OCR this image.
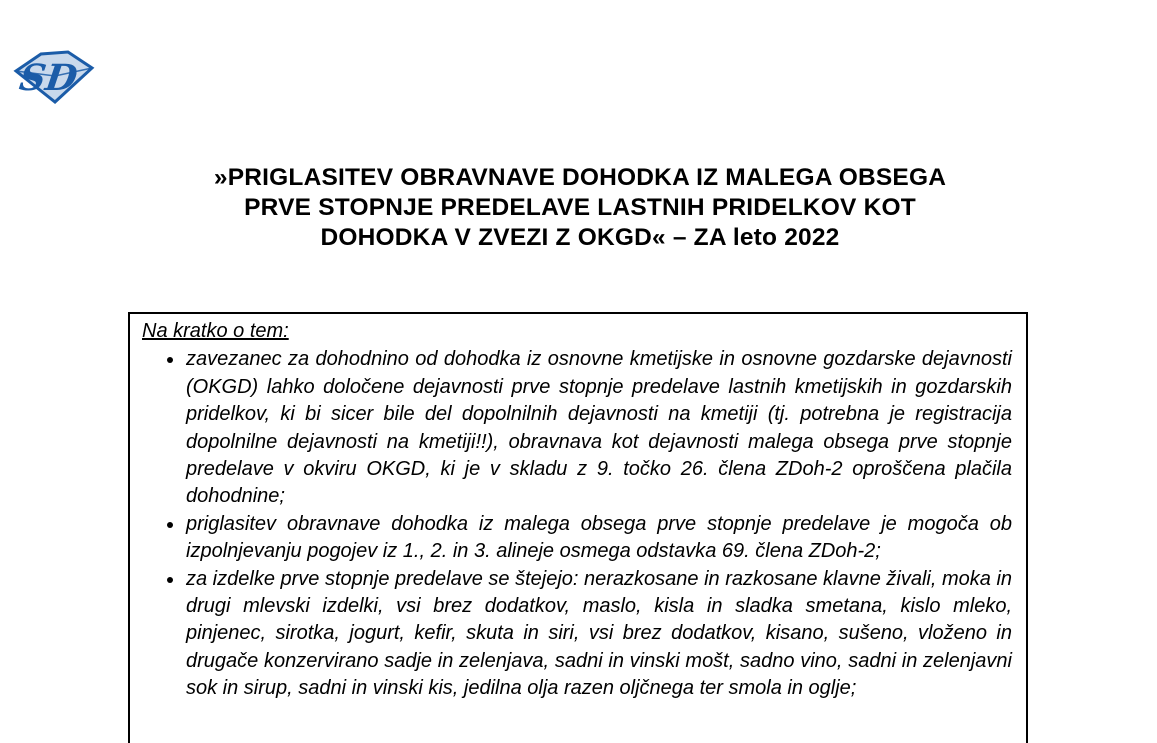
SD
»PRIGLASITEV OBRAVNAVE DOHODKA IZ MALEGA OBSEGA
PRVE STOPNJE PREDELAVE LASTNIH PRIDELKOV KOT
DOHODKA V ZVEZI Z OKGD« – ZA leto 2022
Na kratko o tem:
• zavezanec za dohodnino od dohodka iz osnovne kmetijske in osnovne gozdarske dejavnosti (OKGD) lahko določene dejavnosti prve stopnje predelave lastnih kmetijskih in gozdarskih pridelkov, ki bi sicer bile del dopolnilnih dejavnosti na kmetiji (tj. potrebna je registracija dopolnilne dejavnosti na kmetiji!!), obravnava kot dejavnosti malega obsega prve stopnje predelave v okviru OKGD, ki je v skladu z 9. točko 26. člena ZDoh-2 oproščena plačila dohodnine;
• priglasitev obravnave dohodka iz malega obsega prve stopnje predelave je mogoča ob izpolnjevanju pogojev iz 1., 2. in 3. alineje osmega odstavka 69. člena ZDoh-2;
• za izdelke prve stopnje predelave se štejejo: nerazkosane in razkosane klavne živali, moka in drugi mlevski izdelki, vsi brez dodatkov, maslo, kisla in sladka smetana, kislo mleko, pinjenec, sirotka, jogurt, kefir, skuta in siri, vsi brez dodatkov, kisano, sušeno, vloženo in drugače konzervirano sadje in zelenjava, sadni in vinski mošt, sadno vino, sadni in zelenjavni sok in sirup, sadni in vinski kis, jedilna olja razen oljčnega ter smola in oglje;
